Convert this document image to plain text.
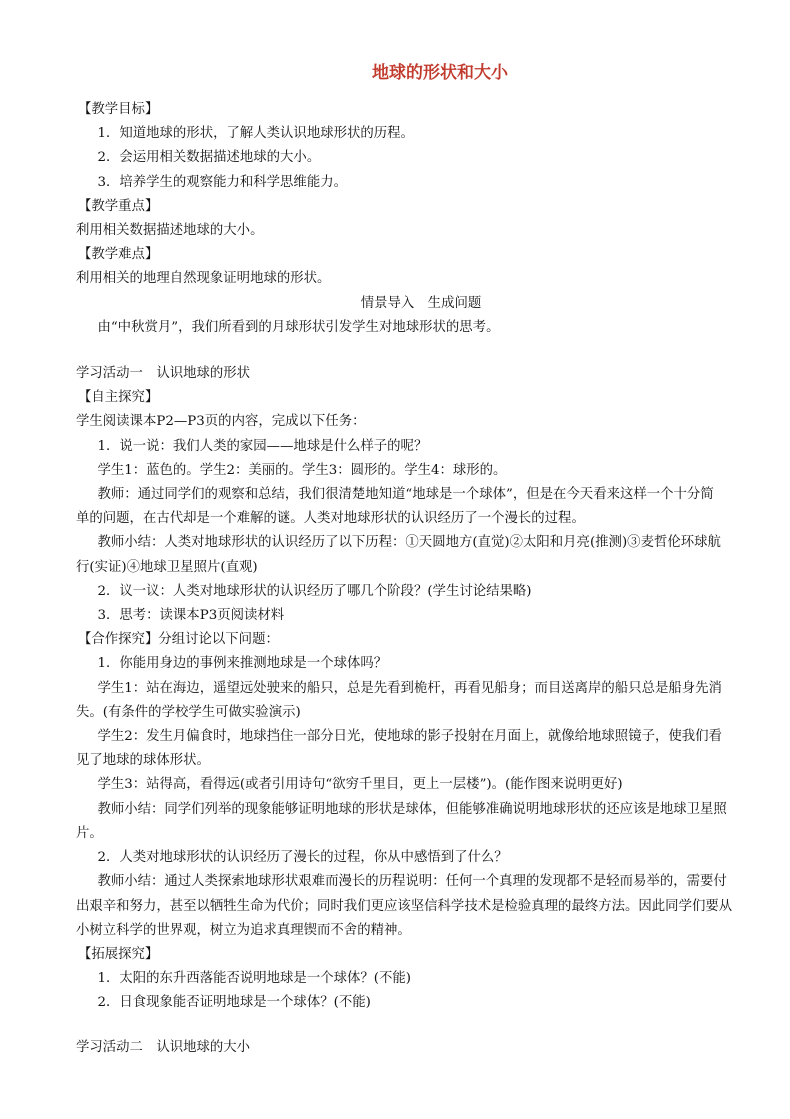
地球的形状和大小

【教学目标】

1．知道地球的形状，了解人类认识地球形状的历程。

2．会运用相关数据描述地球的大小。

3．培养学生的观察能力和科学思维能力。

【教学重点】

利用相关数据描述地球的大小。

【教学难点】

利用相关的地理自然现象证明地球的形状。

情景导入　生成问题

由“中秋赏月”，我们所看到的月球形状引发学生对地球形状的思考。

学习活动一　认识地球的形状

【自主探究】

学生阅读课本P2—P3页的内容，完成以下任务：

1．说一说：我们人类的家园——地球是什么样子的呢？

学生1：蓝色的。学生2：美丽的。学生3：圆形的。学生4：球形的。

教师：通过同学们的观察和总结，我们很清楚地知道“地球是一个球体”，但是在今天看来这样一个十分简

单的问题，在古代却是一个难解的谜。人类对地球形状的认识经历了一个漫长的过程。

教师小结：人类对地球形状的认识经历了以下历程：①天圆地方(直觉)②太阳和月亮(推测)③麦哲伦环球航

行(实证)④地球卫星照片(直观)

2．议一议：人类对地球形状的认识经历了哪几个阶段？(学生讨论结果略)

3．思考：读课本P3页阅读材料

【合作探究】分组讨论以下问题：

1．你能用身边的事例来推测地球是一个球体吗？

学生1：站在海边，遥望远处驶来的船只，总是先看到桅杆，再看见船身；而目送离岸的船只总是船身先消

失。(有条件的学校学生可做实验演示)

学生2：发生月偏食时，地球挡住一部分日光，使地球的影子投射在月面上，就像给地球照镜子，使我们看

见了地球的球体形状。

学生3：站得高，看得远(或者引用诗句“欲穷千里目，更上一层楼”)。(能作图来说明更好)

教师小结：同学们列举的现象能够证明地球的形状是球体，但能够准确说明地球形状的还应该是地球卫星照

片。

2．人类对地球形状的认识经历了漫长的过程，你从中感悟到了什么？

教师小结：通过人类探索地球形状艰难而漫长的历程说明：任何一个真理的发现都不是轻而易举的，需要付

出艰辛和努力，甚至以牺牲生命为代价；同时我们更应该坚信科学技术是检验真理的最终方法。因此同学们要从

小树立科学的世界观，树立为追求真理锲而不舍的精神。

【拓展探究】

1．太阳的东升西落能否说明地球是一个球体？(不能)

2．日食现象能否证明地球是一个球体？(不能)

学习活动二　认识地球的大小
